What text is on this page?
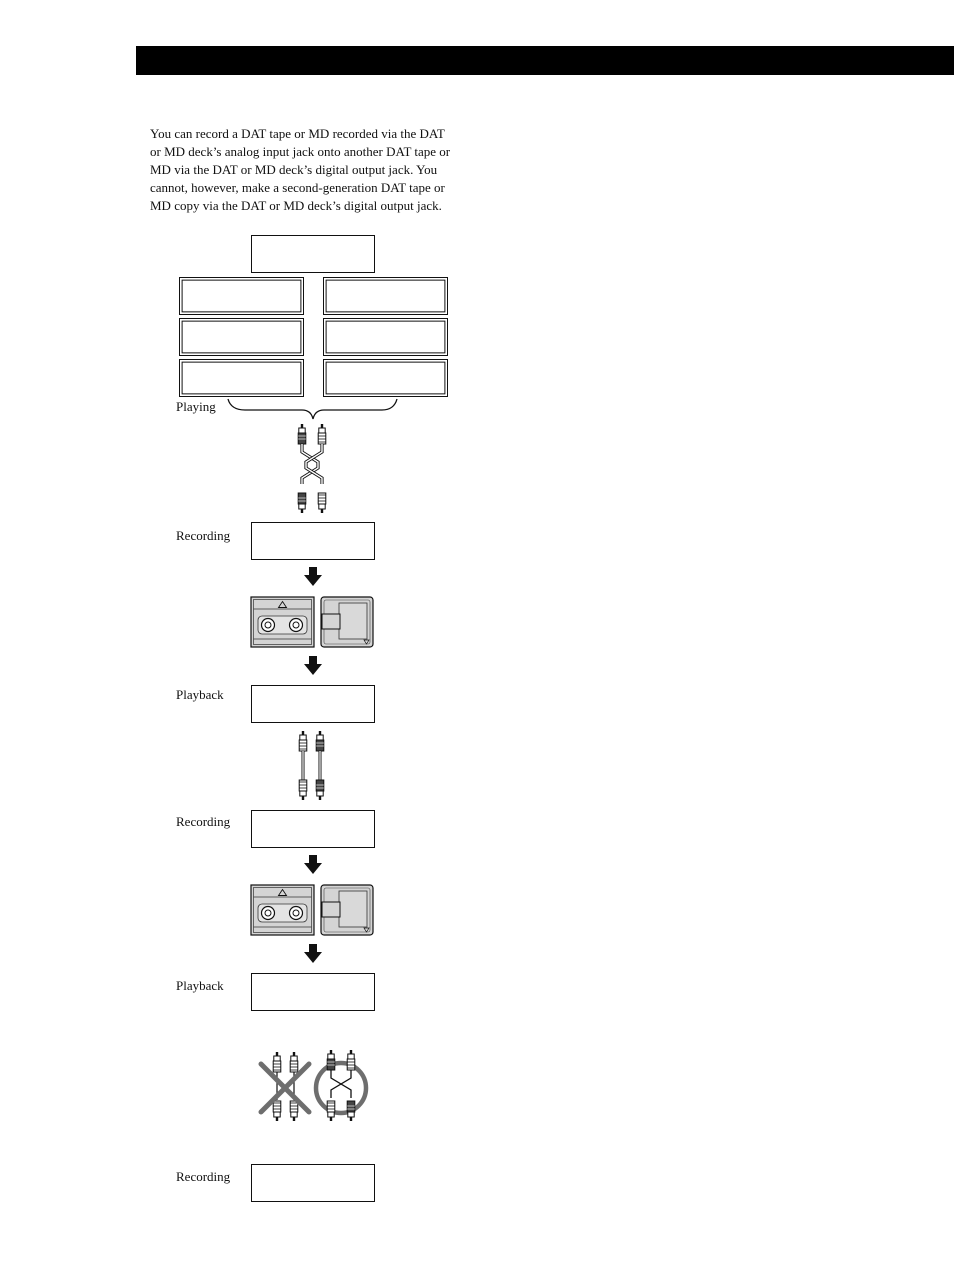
You can record a DAT tape or MD recorded via the DAT
or MD deck’s analog input jack onto another DAT tape or
MD via the DAT or MD deck’s digital output jack. You
cannot, however, make a second-generation DAT tape or
MD copy via the DAT or MD deck’s digital output jack.

Playing
Recording
Playback
Recording
Playback
Recording
